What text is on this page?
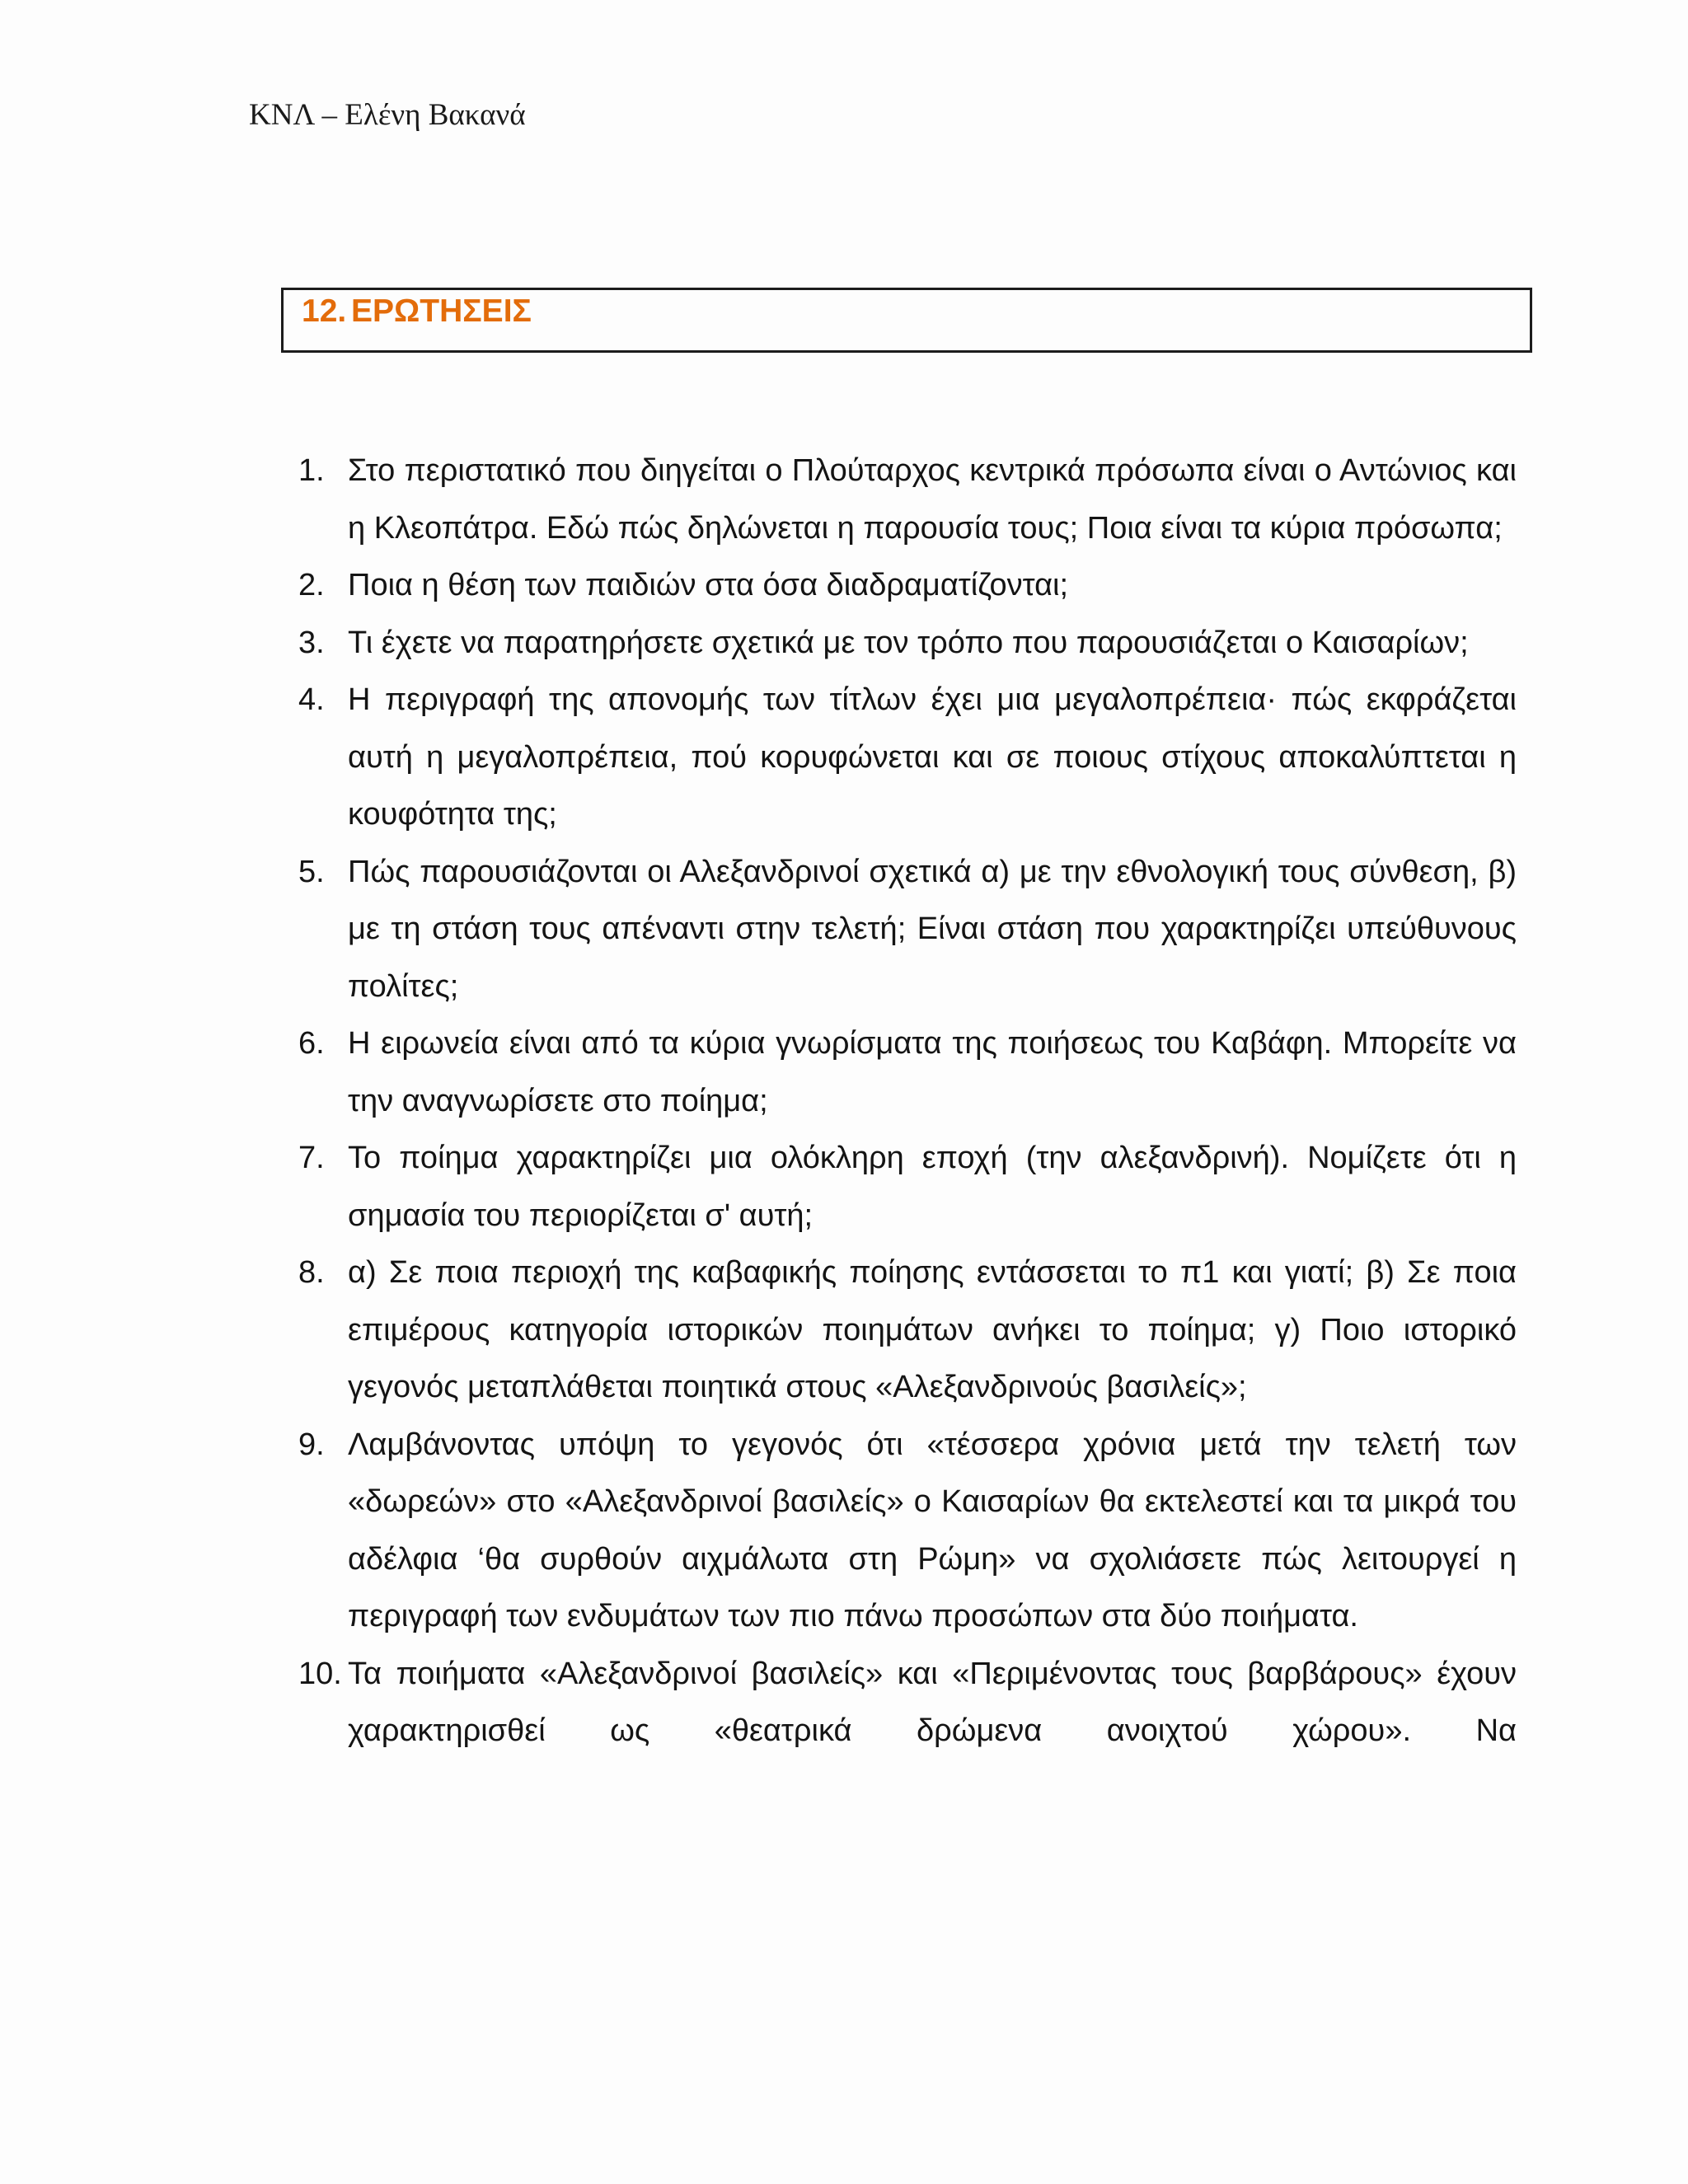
ΚΝΛ – Ελένη Βακανά
12. ΕΡΩΤΗΣΕΙΣ
1. Στο περιστατικό που διηγείται ο Πλούταρχος κεντρικά πρόσωπα είναι ο Αντώνιος και η Κλεοπάτρα. Εδώ πώς δηλώνεται η παρουσία τους; Ποια είναι τα κύρια πρόσωπα;
2. Ποια η θέση των παιδιών στα όσα διαδραματίζονται;
3. Τι έχετε να παρατηρήσετε σχετικά με τον τρόπο που παρουσιάζεται ο Καισαρίων;
4. Η περιγραφή της απονομής των τίτλων έχει μια μεγαλοπρέπεια· πώς εκφράζεται αυτή η μεγαλοπρέπεια, πού κορυφώνεται και σε ποιους στίχους αποκαλύπτεται η κουφότητα της;
5. Πώς παρουσιάζονται οι Αλεξανδρινοί σχετικά α) με την εθνολογική τους σύνθεση, β) με τη στάση τους απέναντι στην τελετή; Είναι στάση που χαρακτηρίζει υπεύθυνους πολίτες;
6. Η ειρωνεία είναι από τα κύρια γνωρίσματα της ποιήσεως του Καβάφη. Μπορείτε να την αναγνωρίσετε στο ποίημα;
7. Το ποίημα χαρακτηρίζει μια ολόκληρη εποχή (την αλεξανδρινή). Νομίζετε ότι η σημασία του περιορίζεται σ' αυτή;
8. α) Σε ποια περιοχή της καβαφικής ποίησης εντάσσεται το π1 και γιατί; β) Σε ποια επιμέρους κατηγορία ιστορικών ποιημάτων ανήκει το ποίημα; γ) Ποιο ιστορικό γεγονός μεταπλάθεται ποιητικά στους «Αλεξανδρινούς βασιλείς»;
9. Λαμβάνοντας υπόψη το γεγονός ότι «τέσσερα χρόνια μετά την τελετή των «δωρεών» στο «Αλεξανδρινοί βασιλείς» ο Καισαρίων θα εκτελεστεί και τα μικρά του αδέλφια ‘θα συρθούν αιχμάλωτα στη Ρώμη» να σχολιάσετε πώς λειτουργεί η περιγραφή των ενδυμάτων των πιο πάνω προσώπων στα δύο ποιήματα.
10. Τα ποιήματα «Αλεξανδρινοί βασιλείς» και «Περιμένοντας τους βαρβάρους» έχουν χαρακτηρισθεί ως «θεατρικά δρώμενα ανοιχτού χώρου». Να
